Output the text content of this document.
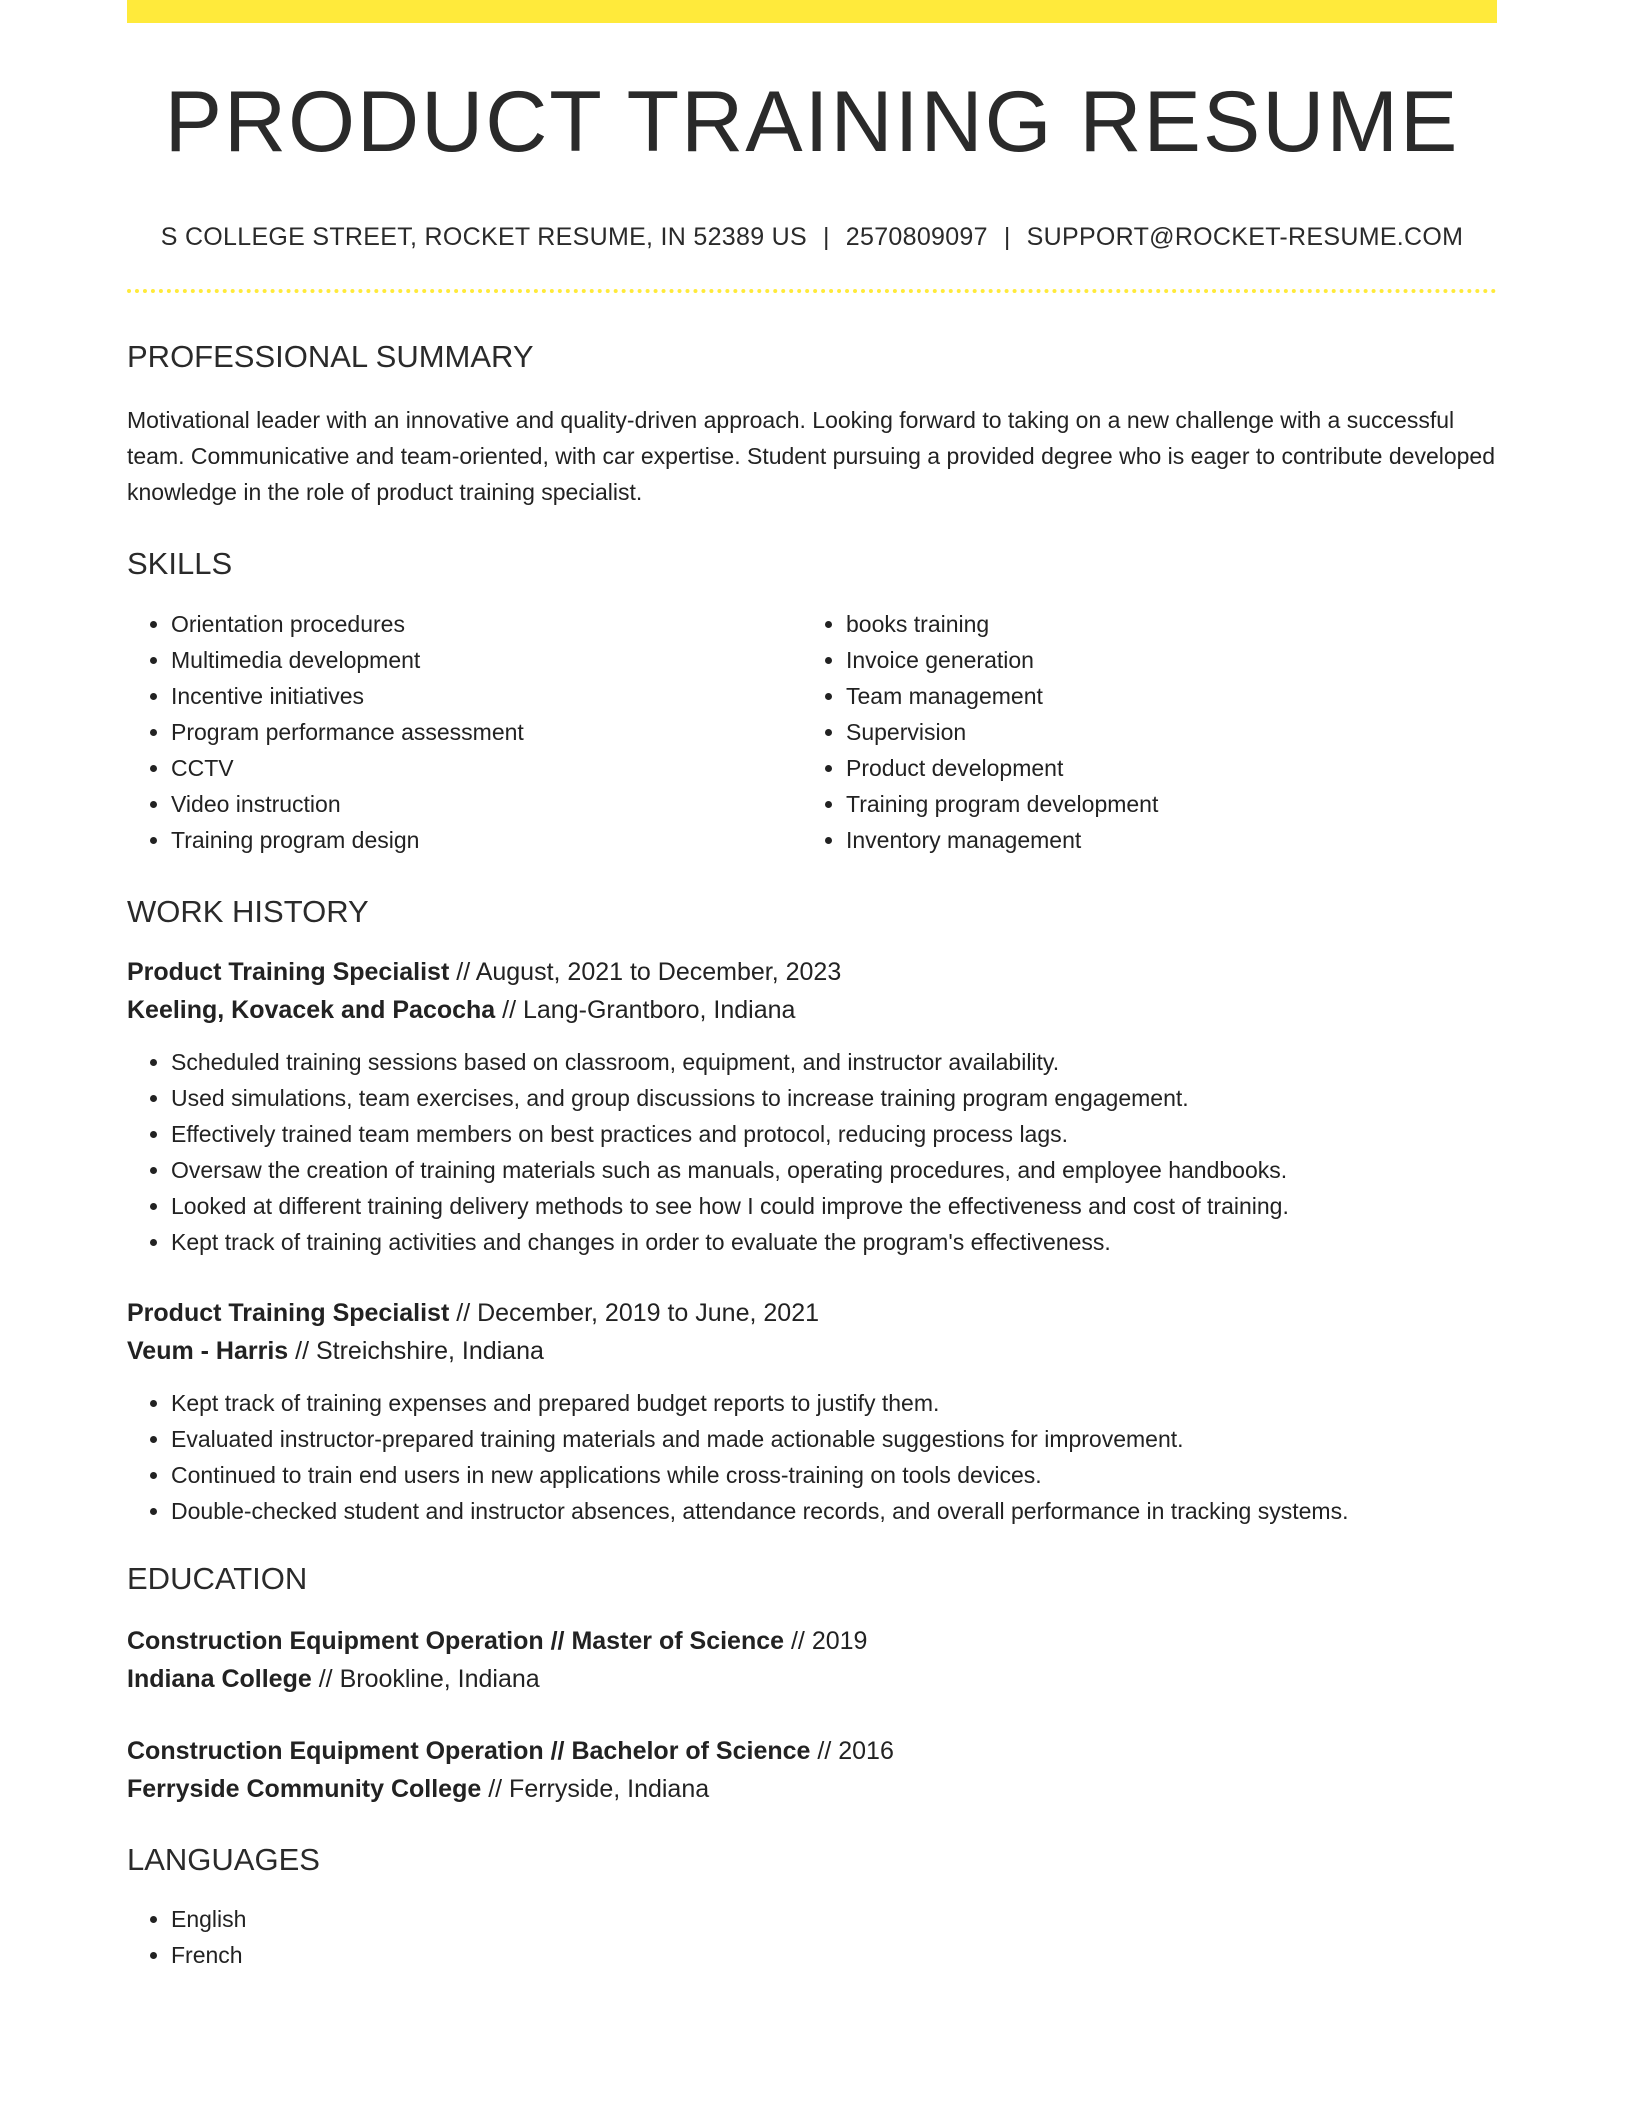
PRODUCT TRAINING RESUME
S COLLEGE STREET, ROCKET RESUME, IN 52389 US | 2570809097 | SUPPORT@ROCKET-RESUME.COM
PROFESSIONAL SUMMARY

Motivational leader with an innovative and quality-driven approach. Looking forward to taking on a new challenge with a successful team. Communicative and team-oriented, with car expertise. Student pursuing a provided degree who is eager to contribute developed knowledge in the role of product training specialist.

SKILLS
• Orientation procedures
• Multimedia development
• Incentive initiatives
• Program performance assessment
• CCTV
• Video instruction
• Training program design
• books training
• Invoice generation
• Team management
• Supervision
• Product development
• Training program development
• Inventory management
WORK HISTORY
Product Training Specialist // August, 2021 to December, 2023
Keeling, Kovacek and Pacocha // Lang-Grantboro, Indiana
• Scheduled training sessions based on classroom, equipment, and instructor availability.
• Used simulations, team exercises, and group discussions to increase training program engagement.
• Effectively trained team members on best practices and protocol, reducing process lags.
• Oversaw the creation of training materials such as manuals, operating procedures, and employee handbooks.
• Looked at different training delivery methods to see how I could improve the effectiveness and cost of training.
• Kept track of training activities and changes in order to evaluate the program's effectiveness.
Product Training Specialist // December, 2019 to June, 2021
Veum - Harris // Streichshire, Indiana
• Kept track of training expenses and prepared budget reports to justify them.
• Evaluated instructor-prepared training materials and made actionable suggestions for improvement.
• Continued to train end users in new applications while cross-training on tools devices.
• Double-checked student and instructor absences, attendance records, and overall performance in tracking systems.
EDUCATION
Construction Equipment Operation // Master of Science // 2019
Indiana College // Brookline, Indiana
Construction Equipment Operation // Bachelor of Science // 2016
Ferryside Community College // Ferryside, Indiana
LANGUAGES
• English
• French
